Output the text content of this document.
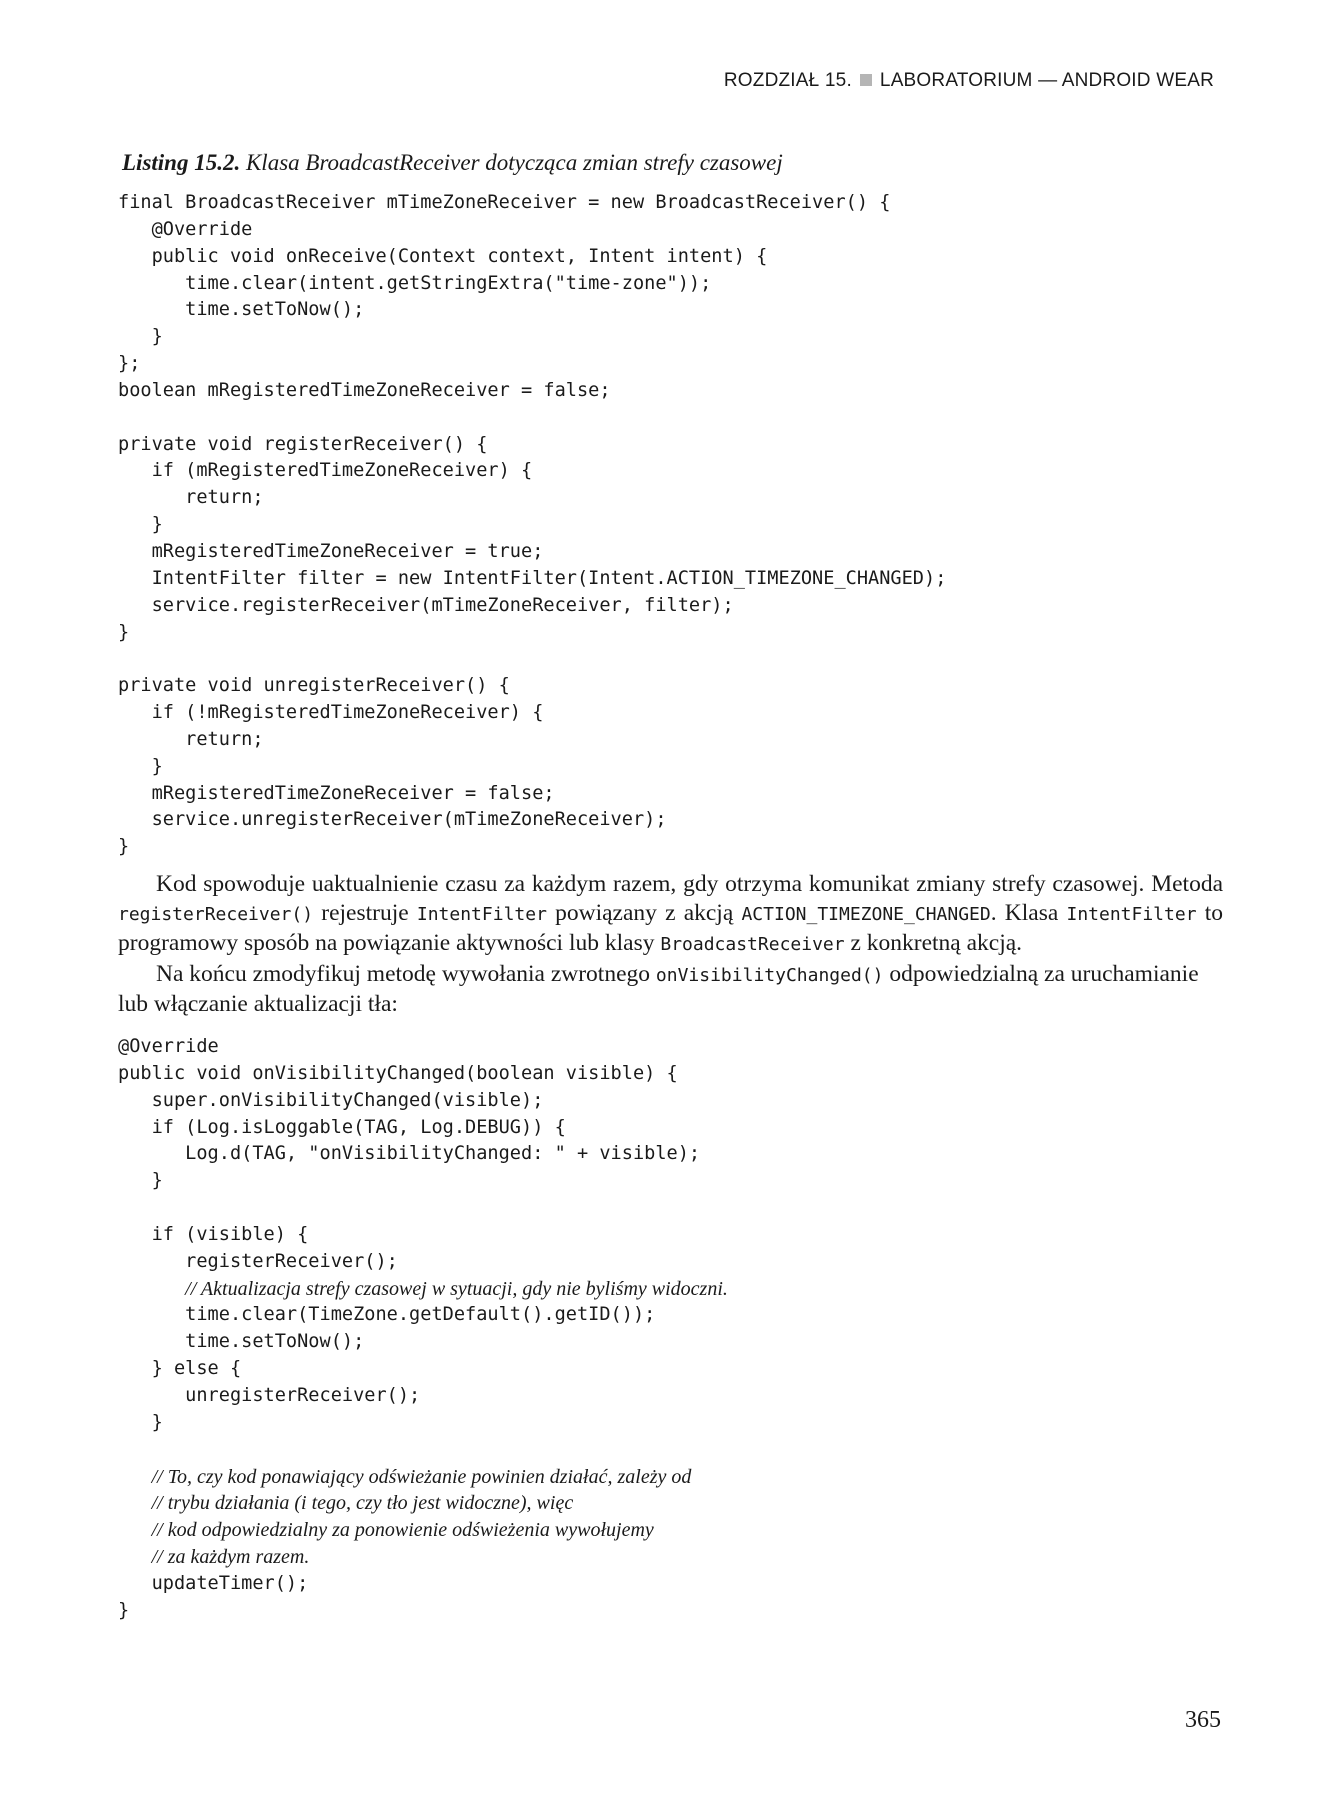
ROZDZIAŁ 15. LABORATORIUM — ANDROID WEAR
Listing 15.2. Klasa BroadcastReceiver dotycząca zmian strefy czasowej
final BroadcastReceiver mTimeZoneReceiver = new BroadcastReceiver() {
@Override
public void onReceive(Context context, Intent intent) {
time.clear(intent.getStringExtra("time-zone"));
time.setToNow();
}
};
boolean mRegisteredTimeZoneReceiver = false;

private void registerReceiver() {
if (mRegisteredTimeZoneReceiver) {
return;
}
mRegisteredTimeZoneReceiver = true;
IntentFilter filter = new IntentFilter(Intent.ACTION_TIMEZONE_CHANGED);
service.registerReceiver(mTimeZoneReceiver, filter);
}

private void unregisterReceiver() {
if (!mRegisteredTimeZoneReceiver) {
return;
}
mRegisteredTimeZoneReceiver = false;
service.unregisterReceiver(mTimeZoneReceiver);
}

Kod spowoduje uaktualnienie czasu za każdym razem, gdy otrzyma komunikat zmiany strefy czasowej. Metoda registerReceiver() rejestruje IntentFilter powiązany z akcją ACTION_TIMEZONE_CHANGED. Klasa IntentFilter to programowy sposób na powiązanie aktywności lub klasy BroadcastReceiver z konkretną akcją.

Na końcu zmodyfikuj metodę wywołania zwrotnego onVisibilityChanged() odpowiedzialną za uruchamianie lub włączanie aktualizacji tła:

@Override
public void onVisibilityChanged(boolean visible) {
super.onVisibilityChanged(visible);
if (Log.isLoggable(TAG, Log.DEBUG)) {
Log.d(TAG, "onVisibilityChanged: " + visible);
}

if (visible) {
registerReceiver();
// Aktualizacja strefy czasowej w sytuacji, gdy nie byliśmy widoczni.
time.clear(TimeZone.getDefault().getID());
time.setToNow();
} else {
unregisterReceiver();
}

// To, czy kod ponawiający odświeżanie powinien działać, zależy od
// trybu działania (i tego, czy tło jest widoczne), więc
// kod odpowiedzialny za ponowienie odświeżenia wywołujemy
// za każdym razem.
updateTimer();
}
365
